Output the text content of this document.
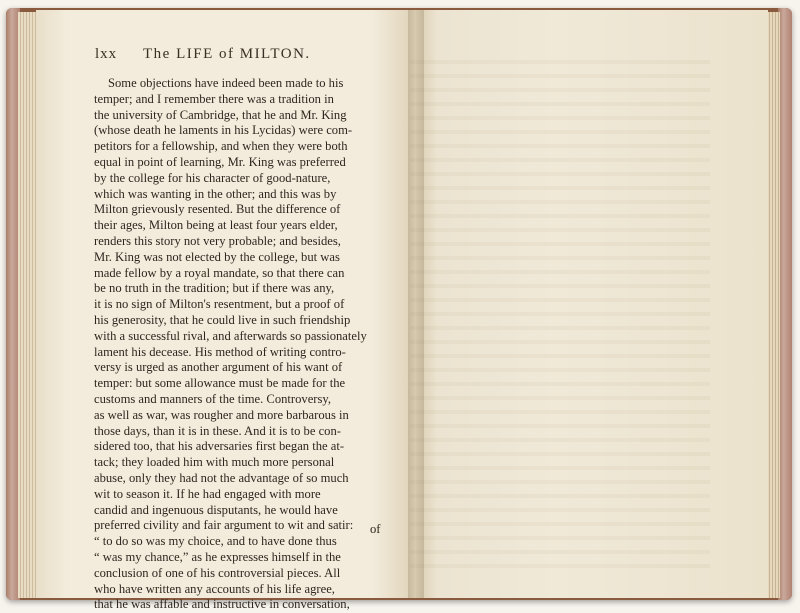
lxx The LIFE of MILTON.
Some objections have indeed been made to his
temper; and I remember there was a tradition in
the university of Cambridge, that he and Mr. King
(whose death he laments in his Lycidas) were com-
petitors for a fellowship, and when they were both
equal in point of learning, Mr. King was preferred
by the college for his character of good-nature,
which was wanting in the other; and this was by
Milton grievously resented. But the difference of
their ages, Milton being at least four years elder,
renders this story not very probable; and besides,
Mr. King was not elected by the college, but was
made fellow by a royal mandate, so that there can
be no truth in the tradition; but if there was any,
it is no sign of Milton's resentment, but a proof of
his generosity, that he could live in such friendship
with a successful rival, and afterwards so passionately
lament his decease. His method of writing contro-
versy is urged as another argument of his want of
temper: but some allowance must be made for the
customs and manners of the time. Controversy,
as well as war, was rougher and more barbarous in
those days, than it is in these. And it is to be con-
sidered too, that his adversaries first began the at-
tack; they loaded him with much more personal
abuse, only they had not the advantage of so much
wit to season it. If he had engaged with more
candid and ingenuous disputants, he would have
preferred civility and fair argument to wit and satir:
“ to do so was my choice, and to have done thus
“ was my chance,” as he expresses himself in the
conclusion of one of his controversial pieces. All
who have written any accounts of his life agree,
that he was affable and instructive in conversation,
of
